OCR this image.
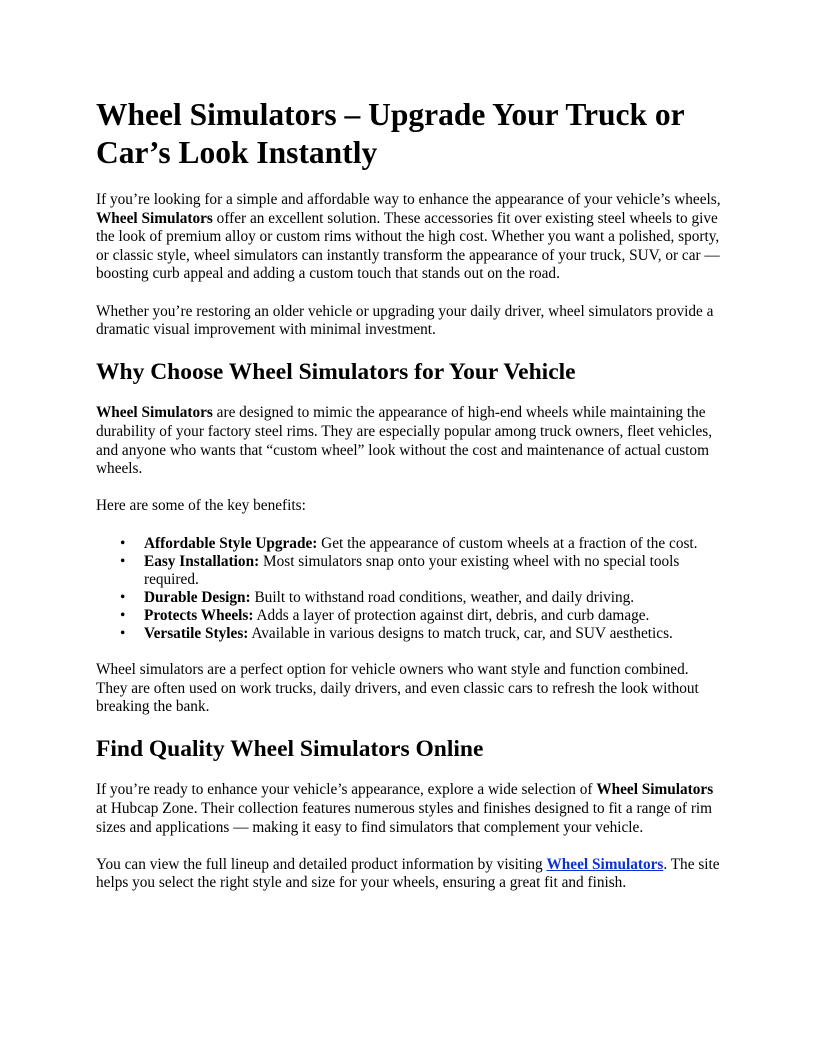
Wheel Simulators – Upgrade Your Truck or Car’s Look Instantly

If you’re looking for a simple and affordable way to enhance the appearance of your vehicle’s wheels, Wheel Simulators offer an excellent solution. These accessories fit over existing steel wheels to give the look of premium alloy or custom rims without the high cost. Whether you want a polished, sporty, or classic style, wheel simulators can instantly transform the appearance of your truck, SUV, or car — boosting curb appeal and adding a custom touch that stands out on the road.

Whether you’re restoring an older vehicle or upgrading your daily driver, wheel simulators provide a dramatic visual improvement with minimal investment.

Why Choose Wheel Simulators for Your Vehicle

Wheel Simulators are designed to mimic the appearance of high-end wheels while maintaining the durability of your factory steel rims. They are especially popular among truck owners, fleet vehicles, and anyone who wants that “custom wheel” look without the cost and maintenance of actual custom wheels.

Here are some of the key benefits:

• Affordable Style Upgrade: Get the appearance of custom wheels at a fraction of the cost.
• Easy Installation: Most simulators snap onto your existing wheel with no special tools required.
• Durable Design: Built to withstand road conditions, weather, and daily driving.
• Protects Wheels: Adds a layer of protection against dirt, debris, and curb damage.
• Versatile Styles: Available in various designs to match truck, car, and SUV aesthetics.

Wheel simulators are a perfect option for vehicle owners who want style and function combined. They are often used on work trucks, daily drivers, and even classic cars to refresh the look without breaking the bank.

Find Quality Wheel Simulators Online

If you’re ready to enhance your vehicle’s appearance, explore a wide selection of Wheel Simulators at Hubcap Zone. Their collection features numerous styles and finishes designed to fit a range of rim sizes and applications — making it easy to find simulators that complement your vehicle.

You can view the full lineup and detailed product information by visiting Wheel Simulators. The site helps you select the right style and size for your wheels, ensuring a great fit and finish.
